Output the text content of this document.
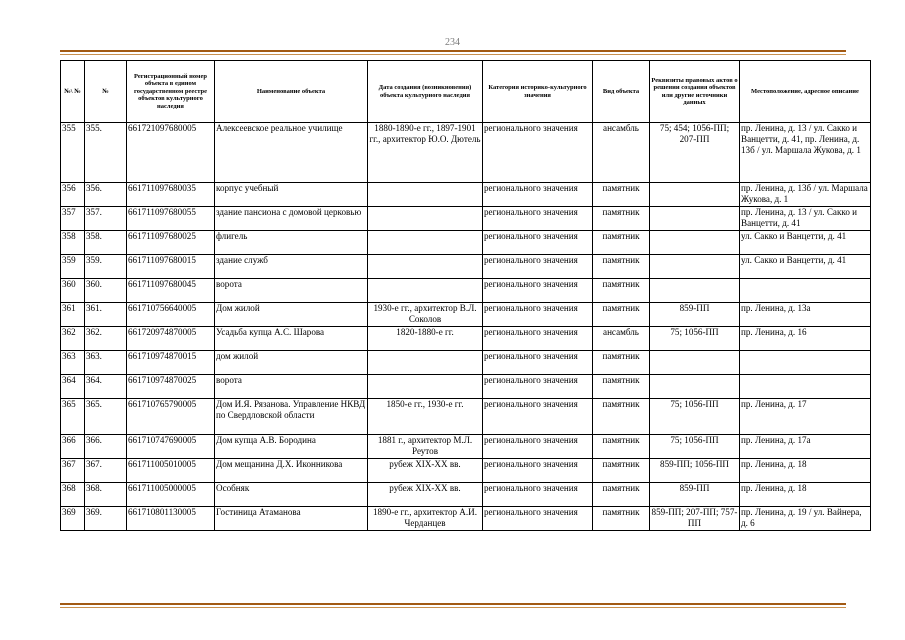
234
№\ №	№	Регистрационный номер объекта в едином государственном реестре объектов культурного наследия	Наименование объекта	Дата создания (возникновения) объекта культурного наследия	Категория историко-культурного значения	Вид объекта	Реквизиты правовых актов о решении создания объектов или другие источники данных	Местоположение, адресное описание
355	355.	661721097680005	Алексеевское реальное училище	1880-1890-е гг., 1897-1901 гг., архитектор Ю.О. Дютель	регионального значения	ансамбль	75; 454; 1056-ПП; 207-ПП	пр. Ленина, д. 13 / ул. Сакко и Ванцетти, д. 41, пр. Ленина, д. 13б / ул. Маршала Жукова, д. 1
356	356.	661711097680035	корпус учебный		регионального значения	памятник		пр. Ленина, д. 13б / ул. Маршала Жукова, д. 1
357	357.	661711097680055	здание пансиона с домовой церковью		регионального значения	памятник		пр. Ленина, д. 13 / ул. Сакко и Ванцетти, д. 41
358	358.	661711097680025	флигель		регионального значения	памятник		ул. Сакко и Ванцетти, д. 41
359	359.	661711097680015	здание служб		регионального значения	памятник		ул. Сакко и Ванцетти, д. 41
360	360.	661711097680045	ворота		регионального значения	памятник		
361	361.	661710756640005	Дом жилой	1930-е гг., архитектор В.Л. Соколов	регионального значения	памятник	859-ПП	пр. Ленина, д. 13а
362	362.	661720974870005	Усадьба купца А.С. Шарова	1820-1880-е гг.	регионального значения	ансамбль	75; 1056-ПП	пр. Ленина, д. 16
363	363.	661710974870015	дом жилой		регионального значения	памятник		
364	364.	661710974870025	ворота		регионального значения	памятник		
365	365.	661710765790005	Дом И.Я. Рязанова. Управление НКВД по Свердловской области	1850-е гг., 1930-е гг.	регионального значения	памятник	75; 1056-ПП	пр. Ленина, д. 17
366	366.	661710747690005	Дом купца А.В. Бородина	1881 г., архитектор М.Л. Реутов	регионального значения	памятник	75; 1056-ПП	пр. Ленина, д. 17а
367	367.	661711005010005	Дом мещанина Д.Х. Иконникова	рубеж XIX-XX вв.	регионального значения	памятник	859-ПП; 1056-ПП	пр. Ленина, д. 18
368	368.	661711005000005	Особняк	рубеж XIX-XX вв.	регионального значения	памятник	859-ПП	пр. Ленина, д. 18
369	369.	661710801130005	Гостиница Атаманова	1890-е гг., архитектор А.И. Черданцев	регионального значения	памятник	859-ПП; 207-ПП; 757-ПП	пр. Ленина, д. 19 / ул. Вайнера, д. 6
